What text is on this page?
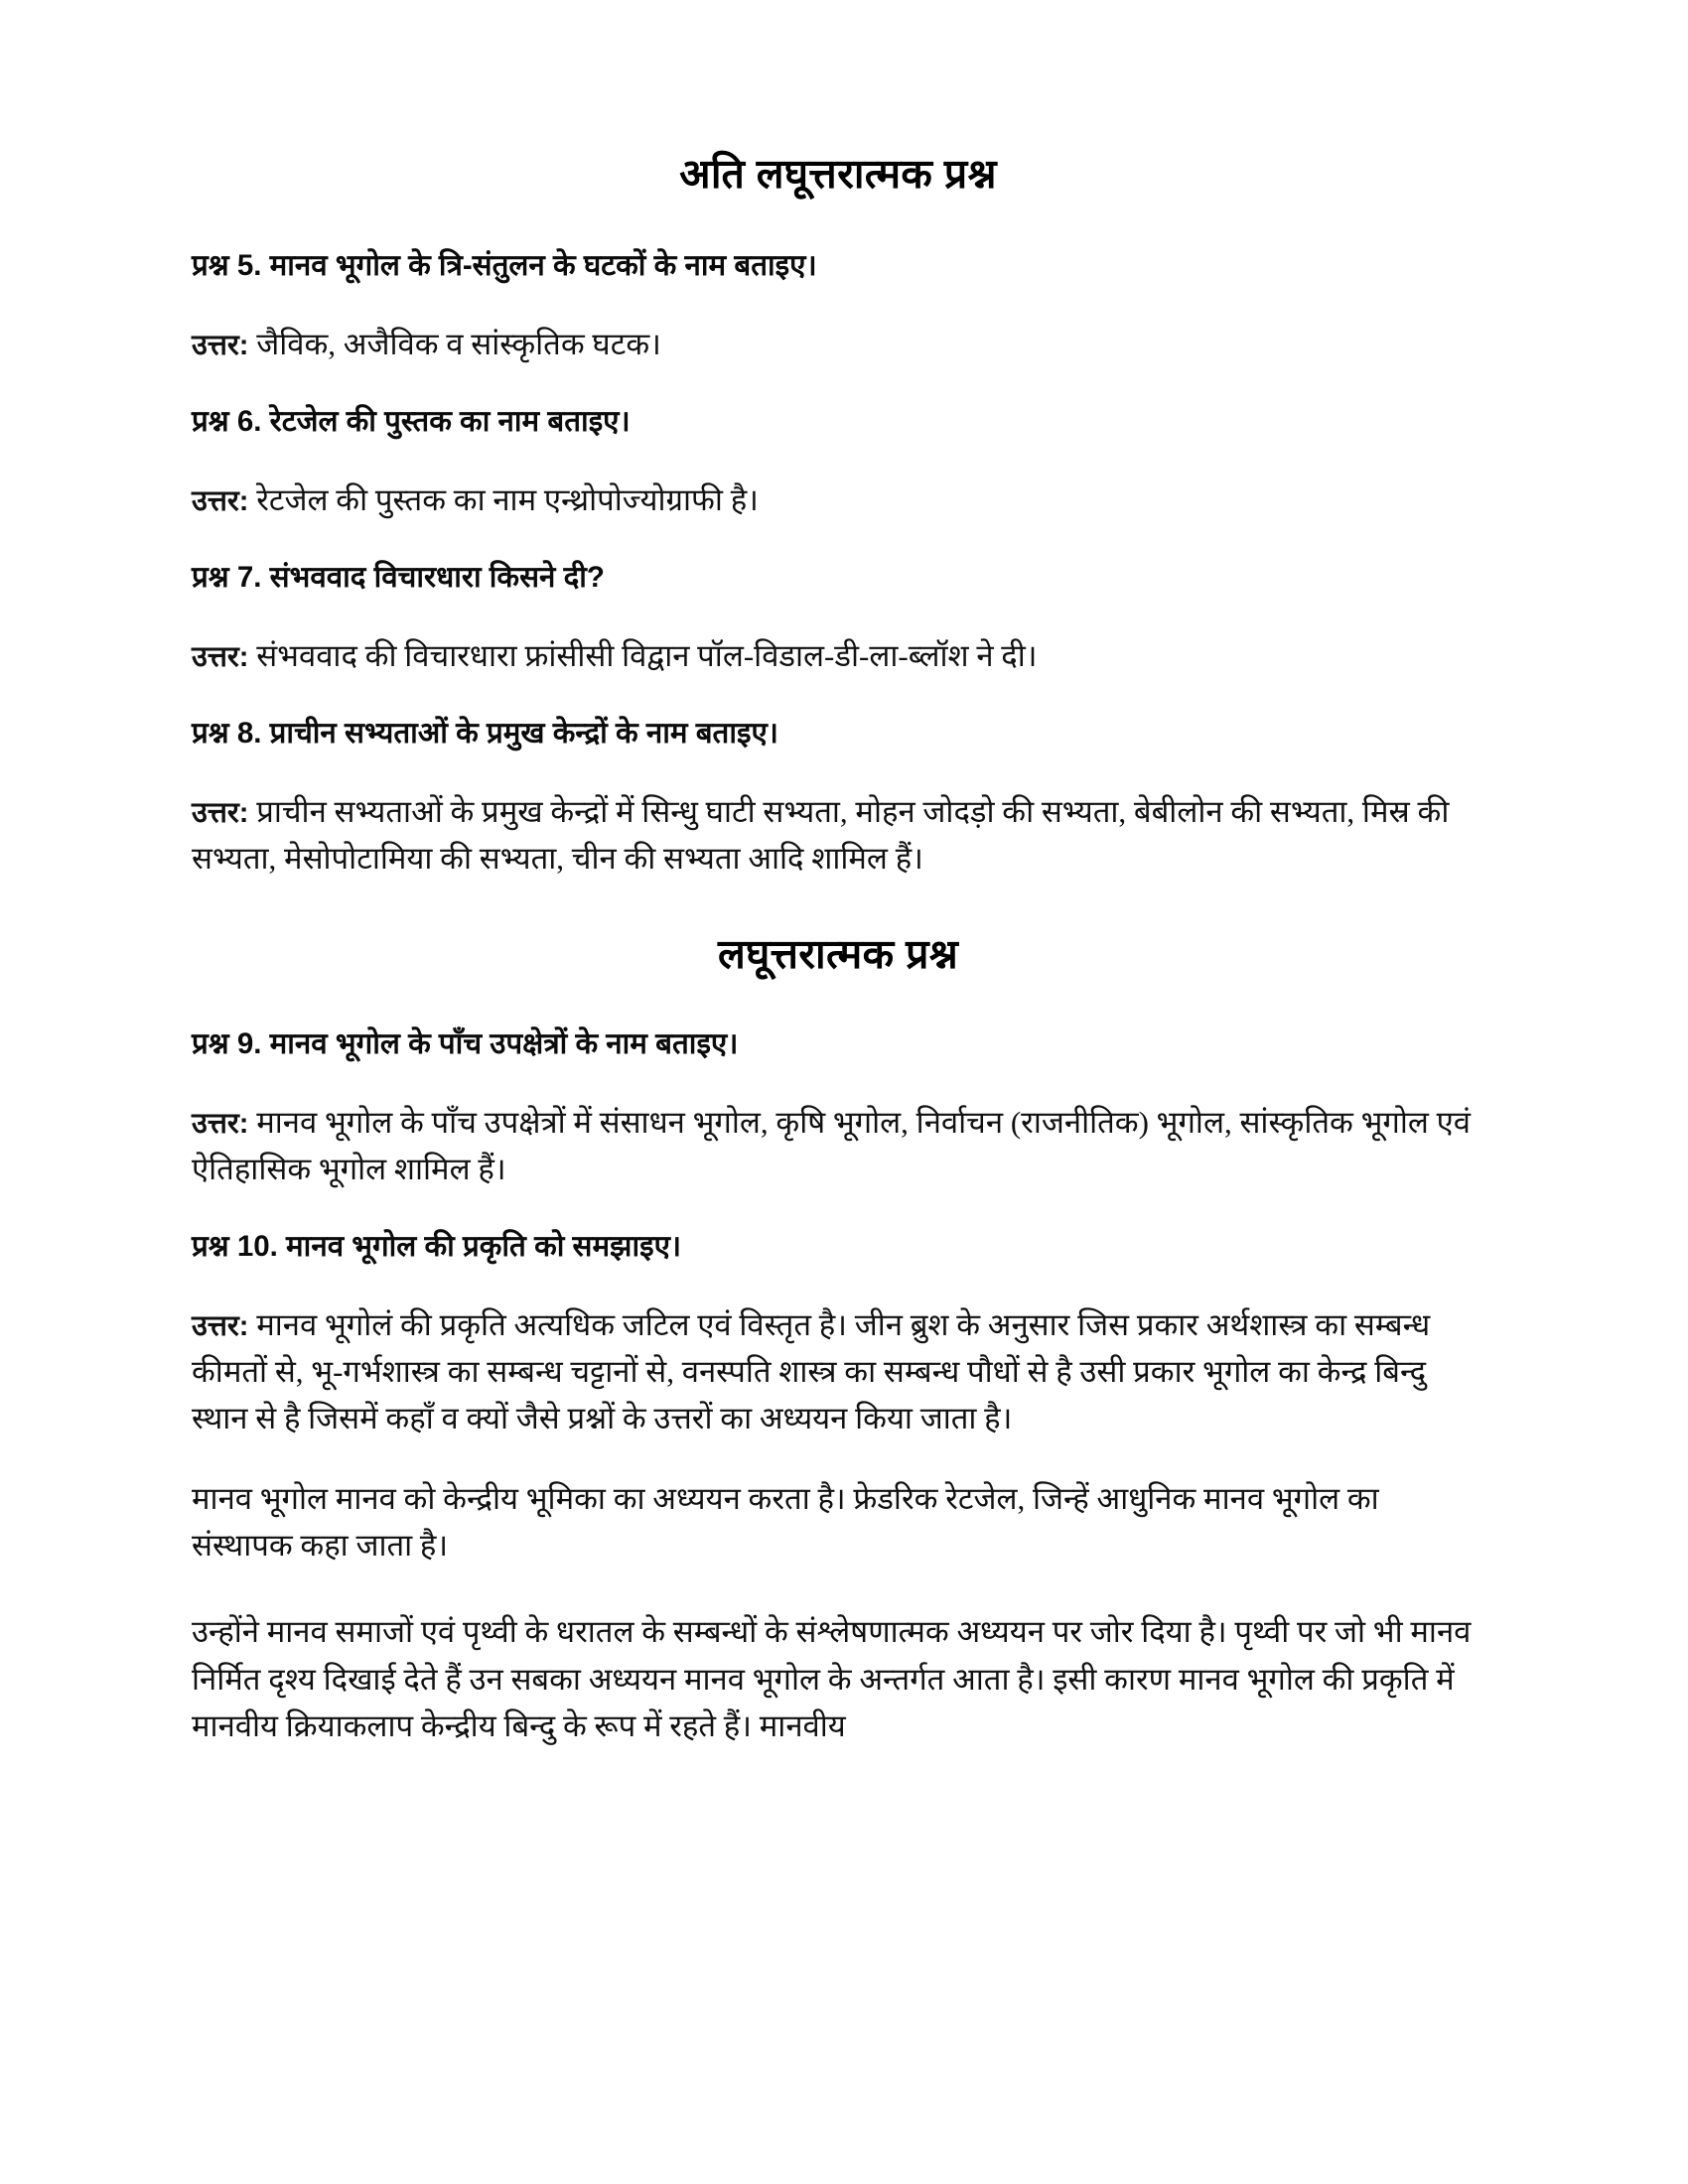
अति लघूत्तरात्मक प्रश्न

प्रश्न 5. मानव भूगोल के त्रि-संतुलन के घटकों के नाम बताइए।

उत्तर: जैविक, अजैविक व सांस्कृतिक घटक।

प्रश्न 6. रेटजेल की पुस्तक का नाम बताइए।

उत्तर: रेटजेल की पुस्तक का नाम एन्थ्रोपोज्योग्राफी है।

प्रश्न 7. संभववाद विचारधारा किसने दी?

उत्तर: संभववाद की विचारधारा फ्रांसीसी विद्वान पॉल-विडाल-डी-ला-ब्लॉश ने दी।

प्रश्न 8. प्राचीन सभ्यताओं के प्रमुख केन्द्रों के नाम बताइए।

उत्तर: प्राचीन सभ्यताओं के प्रमुख केन्द्रों में सिन्धु घाटी सभ्यता, मोहन जोदड़ो की सभ्यता, बेबीलोन की सभ्यता, मिस्र की सभ्यता, मेसोपोटामिया की सभ्यता, चीन की सभ्यता आदि शामिल हैं।

लघूत्तरात्मक प्रश्न

प्रश्न 9. मानव भूगोल के पाँच उपक्षेत्रों के नाम बताइए।

उत्तर: मानव भूगोल के पाँच उपक्षेत्रों में संसाधन भूगोल, कृषि भूगोल, निर्वाचन (राजनीतिक) भूगोल, सांस्कृतिक भूगोल एवं ऐतिहासिक भूगोल शामिल हैं।

प्रश्न 10. मानव भूगोल की प्रकृति को समझाइए।

उत्तर: मानव भूगोलं की प्रकृति अत्यधिक जटिल एवं विस्तृत है। जीन ब्रुश के अनुसार जिस प्रकार अर्थशास्त्र का सम्बन्ध कीमतों से, भू-गर्भशास्त्र का सम्बन्ध चट्टानों से, वनस्पति शास्त्र का सम्बन्ध पौधों से है उसी प्रकार भूगोल का केन्द्र बिन्दु स्थान से है जिसमें कहाँ व क्यों जैसे प्रश्नों के उत्तरों का अध्ययन किया जाता है।

मानव भूगोल मानव को केन्द्रीय भूमिका का अध्ययन करता है। फ्रेडरिक रेटजेल, जिन्हें आधुनिक मानव भूगोल का संस्थापक कहा जाता है।

उन्होंने मानव समाजों एवं पृथ्वी के धरातल के सम्बन्धों के संश्लेषणात्मक अध्ययन पर जोर दिया है। पृथ्वी पर जो भी मानव निर्मित दृश्य दिखाई देते हैं उन सबका अध्ययन मानव भूगोल के अन्तर्गत आता है। इसी कारण मानव भूगोल की प्रकृति में मानवीय क्रियाकलाप केन्द्रीय बिन्दु के रूप में रहते हैं। मानवीय
